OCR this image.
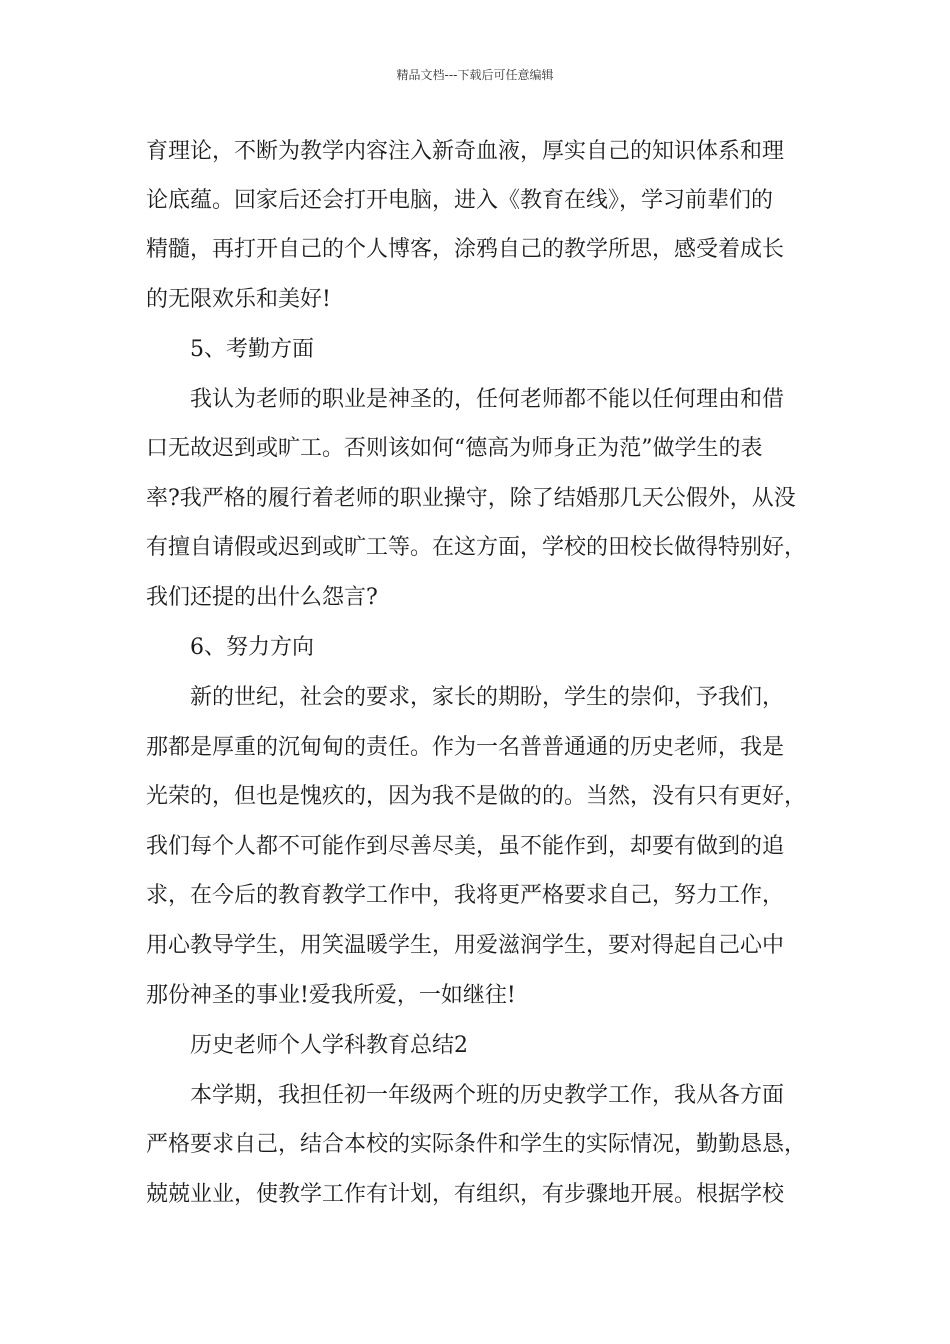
精品文档---下载后可任意编辑
育理论，不断为教学内容注入新奇血液，厚实自己的知识体系和理
论底蕴。回家后还会打开电脑，进入《教育在线》，学习前辈们的
精髓，再打开自己的个人博客，涂鸦自己的教学所思，感受着成长
的无限欢乐和美好!
5、考勤方面
我认为老师的职业是神圣的，任何老师都不能以任何理由和借
口无故迟到或旷工。否则该如何“德高为师身正为范”做学生的表
率?我严格的履行着老师的职业操守，除了结婚那几天公假外，从没
有擅自请假或迟到或旷工等。在这方面，学校的田校长做得特别好，
我们还提的出什么怨言?
6、努力方向
新的世纪，社会的要求，家长的期盼，学生的崇仰，予我们，
那都是厚重的沉甸甸的责任。作为一名普普通通的历史老师，我是
光荣的，但也是愧疚的，因为我不是做的的。当然，没有只有更好，
我们每个人都不可能作到尽善尽美，虽不能作到，却要有做到的追
求，在今后的教育教学工作中，我将更严格要求自己，努力工作，
用心教导学生，用笑温暖学生，用爱滋润学生，要对得起自己心中
那份神圣的事业!爱我所爱，一如继往!
历史老师个人学科教育总结2
本学期，我担任初一年级两个班的历史教学工作，我从各方面
严格要求自己，结合本校的实际条件和学生的实际情况，勤勤恳恳，
兢兢业业，使教学工作有计划，有组织，有步骤地开展。根据学校
